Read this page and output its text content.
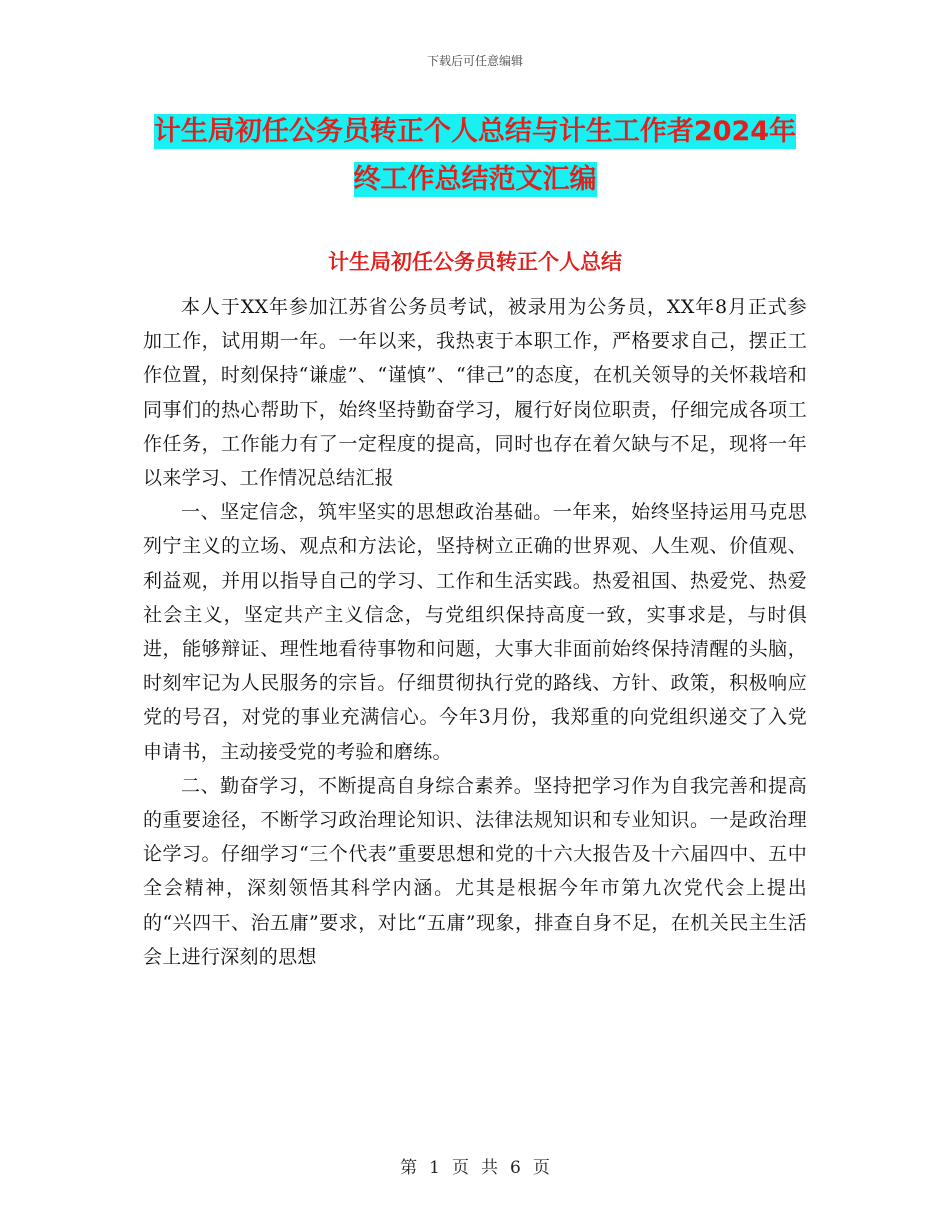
下载后可任意编辑
计生局初任公务员转正个人总结与计生工作者2024年终工作总结范文汇编
计生局初任公务员转正个人总结

本人于XX年参加江苏省公务员考试，被录用为公务员，XX年8月正式参加工作，试用期一年。一年以来，我热衷于本职工作，严格要求自己，摆正工作位置，时刻保持“谦虚”、“谨慎”、“律己”的态度，在机关领导的关怀栽培和同事们的热心帮助下，始终坚持勤奋学习，履行好岗位职责，仔细完成各项工作任务，工作能力有了一定程度的提高，同时也存在着欠缺与不足，现将一年以来学习、工作情况总结汇报

一、坚定信念，筑牢坚实的思想政治基础。一年来，始终坚持运用马克思列宁主义的立场、观点和方法论，坚持树立正确的世界观、人生观、价值观、利益观，并用以指导自己的学习、工作和生活实践。热爱祖国、热爱党、热爱社会主义，坚定共产主义信念，与党组织保持高度一致，实事求是，与时俱进，能够辩证、理性地看待事物和问题，大事大非面前始终保持清醒的头脑，时刻牢记为人民服务的宗旨。仔细贯彻执行党的路线、方针、政策，积极响应党的号召，对党的事业充满信心。今年3月份，我郑重的向党组织递交了入党申请书，主动接受党的考验和磨练。

二、勤奋学习，不断提高自身综合素养。坚持把学习作为自我完善和提高的重要途径，不断学习政治理论知识、法律法规知识和专业知识。一是政治理论学习。仔细学习“三个代表”重要思想和党的十六大报告及十六届四中、五中全会精神，深刻领悟其科学内涵。尤其是根据今年市第九次党代会上提出的“兴四干、治五庸”要求，对比“五庸”现象，排查自身不足，在机关民主生活会上进行深刻的思想

第 1 页 共 6 页
